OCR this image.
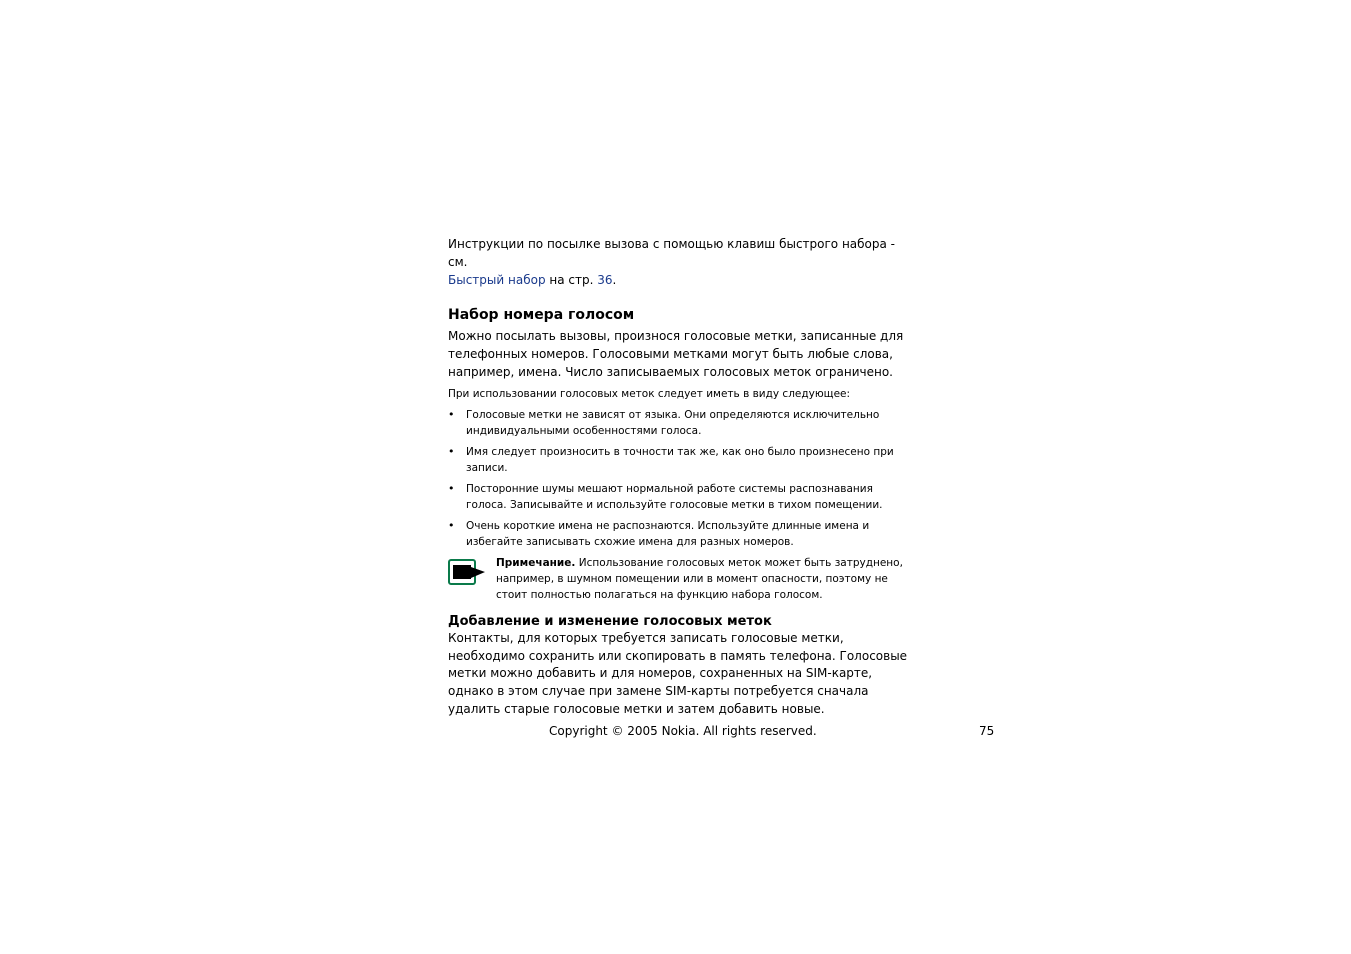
Инструкции по посылке вызова с помощью клавиш быстрого набора - см.
Быстрый набор на стр. 36.

Набор номера голосом

Можно посылать вызовы, произнося голосовые метки, записанные для телефонных номеров. Голосовыми метками могут быть любые слова, например, имена. Число записываемых голосовых меток ограничено.

При использовании голосовых меток следует иметь в виду следующее:

• Голосовые метки не зависят от языка. Они определяются исключительно индивидуальными особенностями голоса.
• Имя следует произносить в точности так же, как оно было произнесено при записи.
• Посторонние шумы мешают нормальной работе системы распознавания голоса. Записывайте и используйте голосовые метки в тихом помещении.
• Очень короткие имена не распознаются. Используйте длинные имена и избегайте записывать схожие имена для разных номеров.
Примечание. Использование голосовых меток может быть затруднено, например, в шумном помещении или в момент опасности, поэтому не стоит полностью полагаться на функцию набора голосом.
Добавление и изменение голосовых меток

Контакты, для которых требуется записать голосовые метки, необходимо сохранить или скопировать в память телефона. Голосовые метки можно добавить и для номеров, сохраненных на SIM-карте, однако в этом случае при замене SIM-карты потребуется сначала удалить старые голосовые метки и затем добавить новые.

Copyright © 2005 Nokia. All rights reserved.	75
